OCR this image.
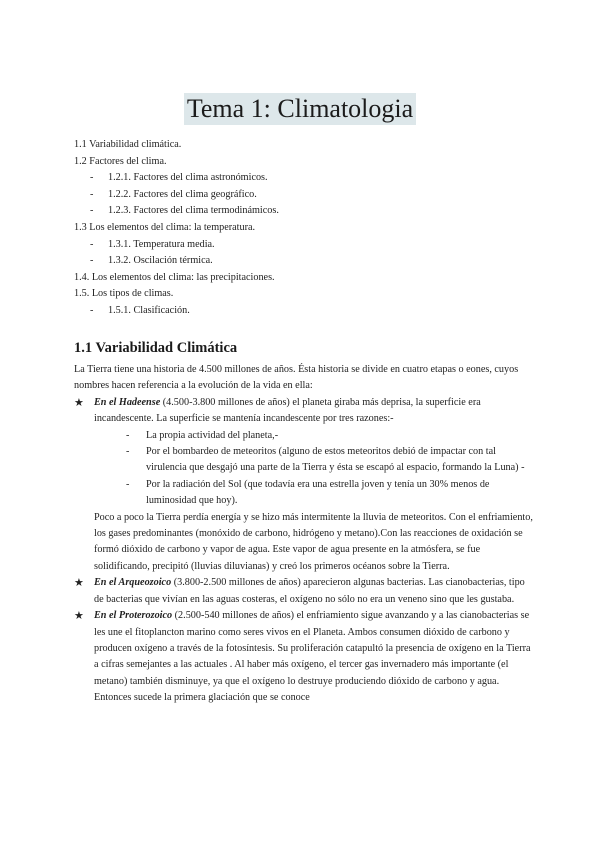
Tema 1: Climatologia
1.1 Variabilidad climática.
1.2 Factores del clima.
- 1.2.1. Factores del clima astronómicos.
- 1.2.2. Factores del clima geográfico.
- 1.2.3. Factores del clima termodinámicos.
1.3 Los elementos del clima: la temperatura.
- 1.3.1. Temperatura media.
- 1.3.2. Oscilación térmica.
1.4. Los elementos del clima: las precipitaciones.
1.5. Los tipos de climas.
- 1.5.1. Clasificación.
1.1 Variabilidad Climática

La Tierra tiene una historia de 4.500 millones de años. Ésta historia se divide en cuatro etapas o eones, cuyos nombres hacen referencia a la evolución de la vida en ella:

★ En el Hadeense (4.500-3.800 millones de años) el planeta giraba más deprisa, la superficie era incandescente. La superficie se mantenía incandescente por tres razones:-

- La propia actividad del planeta,-
- Por el bombardeo de meteoritos (alguno de estos meteoritos debió de impactar con tal virulencia que desgajó una parte de la Tierra y ésta se escapó al espacio, formando la Luna) -
- Por la radiación del Sol (que todavía era una estrella joven y tenía un 30% menos de luminosidad que hoy).

Poco a poco la Tierra perdía energía y se hizo más intermitente la lluvia de meteoritos. Con el enfriamiento, los gases predominantes (monóxido de carbono, hidrógeno y metano).Con las reacciones de oxidación se formó dióxido de carbono y vapor de agua. Este vapor de agua presente en la atmósfera, se fue solidificando, precipitó (lluvias diluvianas) y creó los primeros océanos sobre la Tierra.

★ En el Arqueozoico (3.800-2.500 millones de años) aparecieron algunas bacterias. Las cianobacterias, tipo de bacterias que vivían en las aguas costeras, el oxígeno no sólo no era un veneno sino que les gustaba.

★ En el Proterozoico (2.500-540 millones de años) el enfriamiento sigue avanzando y a las cianobacterias se les une el fitoplancton marino como seres vivos en el Planeta. Ambos consumen dióxido de carbono y producen oxígeno a través de la fotosíntesis. Su proliferación catapultó la presencia de oxígeno en la Tierra a cifras semejantes a las actuales . Al haber más oxígeno, el tercer gas invernadero más importante (el metano) también disminuye, ya que el oxígeno lo destruye produciendo dióxido de carbono y agua. Entonces sucede la primera glaciación que se conoce
